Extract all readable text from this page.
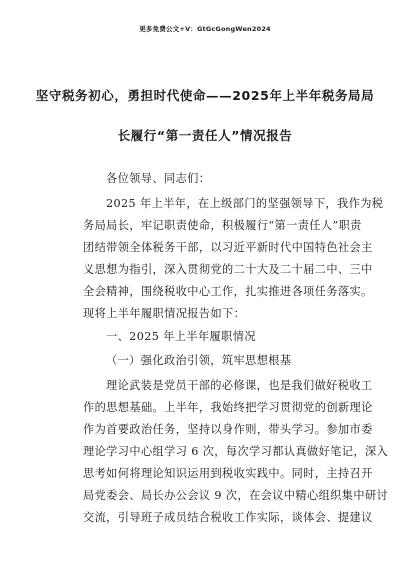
更多免费公文+V：GtGcGongWen2024
坚守税务初心，勇担时代使命——2025年上半年税务局局
长履行“第一责任人”情况报告
各位领导、同志们：
2025 年上半年，在上级部门的坚强领导下，我作为税
务局局长，牢记职责使命，积极履行“第一责任人”职责
团结带领全体税务干部，以习近平新时代中国特色社会主
义思想为指引，深入贯彻党的二十大及二十届二中、三中
全会精神，围绕税收中心工作，扎实推进各项任务落实。
现将上半年履职情况报告如下：
一、2025 年上半年履职情况
（一）强化政治引领，筑牢思想根基
理论武装是党员干部的必修课，也是我们做好税收工
作的思想基础。上半年，我始终把学习贯彻党的创新理论
作为首要政治任务，坚持以身作则，带头学习。参加市委
理论学习中心组学习 6 次，每次学习都认真做好笔记，深入
思考如何将理论知识运用到税收实践中。同时，主持召开
局党委会、局长办公会议 9 次，在会议中精心组织集中研讨
交流，引导班子成员结合税收工作实际，谈体会、提建议
